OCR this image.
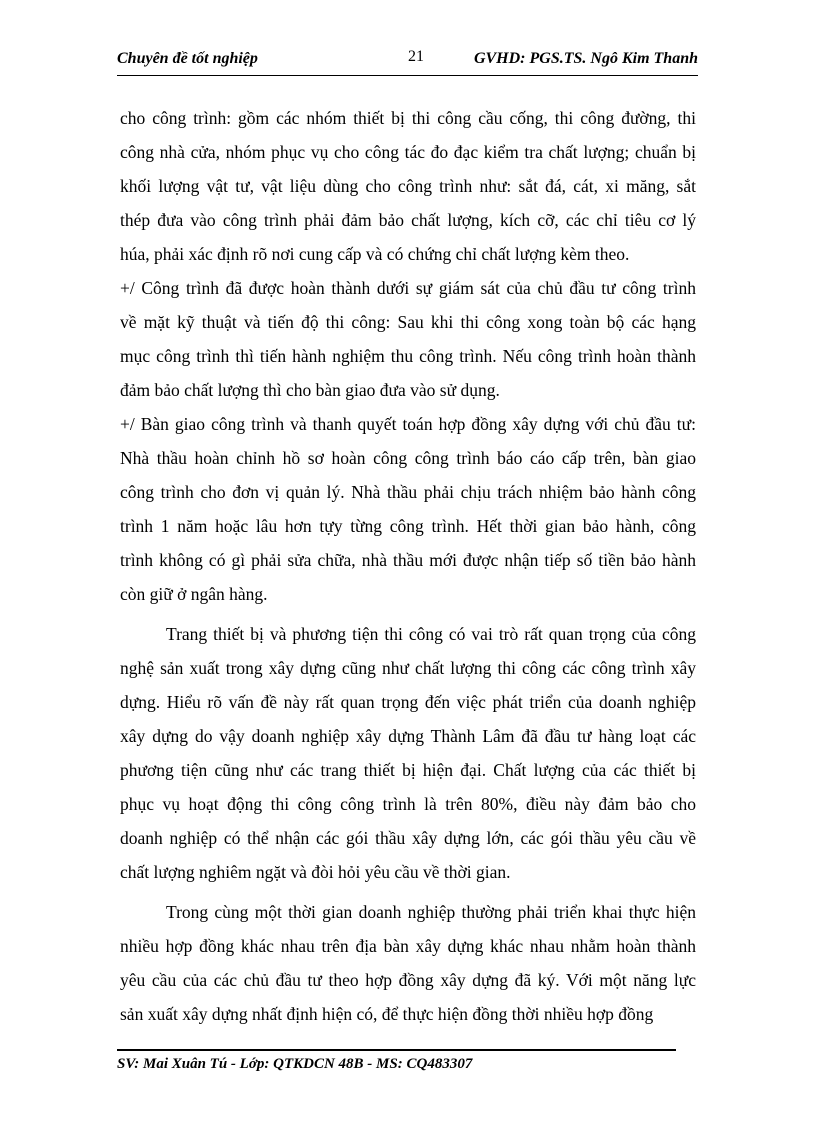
Chuyên đề tốt nghiệp	21	GVHD: PGS.TS. Ngô Kim Thanh
cho công trình: gồm các nhóm thiết bị thi công cầu cống, thi công đường, thi
công nhà cửa, nhóm phục vụ cho công tác đo đạc kiểm tra chất lượng; chuẩn bị
khối lượng vật tư, vật liệu dùng cho công trình như: sắt đá, cát, xi măng, sắt
thép đưa vào công trình phải đảm bảo chất lượng, kích cỡ, các chỉ tiêu cơ lý
húa, phải xác định rõ nơi cung cấp và có chứng chỉ chất lượng kèm theo.
+/ Công trình đã được hoàn thành dưới sự giám sát của chủ đầu tư công trình
về mặt kỹ thuật và tiến độ thi công: Sau khi thi công xong toàn bộ các hạng
mục công trình thì tiến hành nghiệm thu công trình. Nếu công trình hoàn thành
đảm bảo chất lượng thì cho bàn giao đưa vào sử dụng.
+/ Bàn giao công trình và thanh quyết toán hợp đồng xây dựng với chủ đầu tư:
Nhà thầu hoàn chỉnh hồ sơ hoàn công công trình báo cáo cấp trên, bàn giao
công trình cho đơn vị quản lý. Nhà thầu phải chịu trách nhiệm bảo hành công
trình 1 năm hoặc lâu hơn tựy từng công trình. Hết thời gian bảo hành, công
trình không có gì phải sửa chữa, nhà thầu mới được nhận tiếp số tiền bảo hành
còn giữ ở ngân hàng.
Trang thiết bị và phương tiện thi công có vai trò rất quan trọng của công
nghệ sản xuất trong xây dựng cũng như chất lượng thi công các công trình xây
dựng. Hiểu rõ vấn đề này rất quan trọng đến việc phát triển của doanh nghiệp
xây dựng do vậy doanh nghiệp xây dựng Thành Lâm đã đầu tư hàng loạt các
phương tiện cũng như các trang thiết bị hiện đại. Chất lượng của các thiết bị
phục vụ hoạt động thi công công trình là trên 80%, điều này đảm bảo cho
doanh nghiệp có thể nhận các gói thầu xây dựng lớn, các gói thầu yêu cầu về
chất lượng nghiêm ngặt và đòi hỏi yêu cầu về thời gian.
Trong cùng một thời gian doanh nghiệp thường phải triển khai thực hiện
nhiều hợp đồng khác nhau trên địa bàn xây dựng khác nhau nhằm hoàn thành
yêu cầu của các chủ đầu tư theo hợp đồng xây dựng đã ký. Với một năng lực
sản xuất xây dựng nhất định hiện có, để thực hiện đồng thời nhiều hợp đồng
SV: Mai Xuân Tú - Lớp: QTKDCN 48B - MS: CQ483307
